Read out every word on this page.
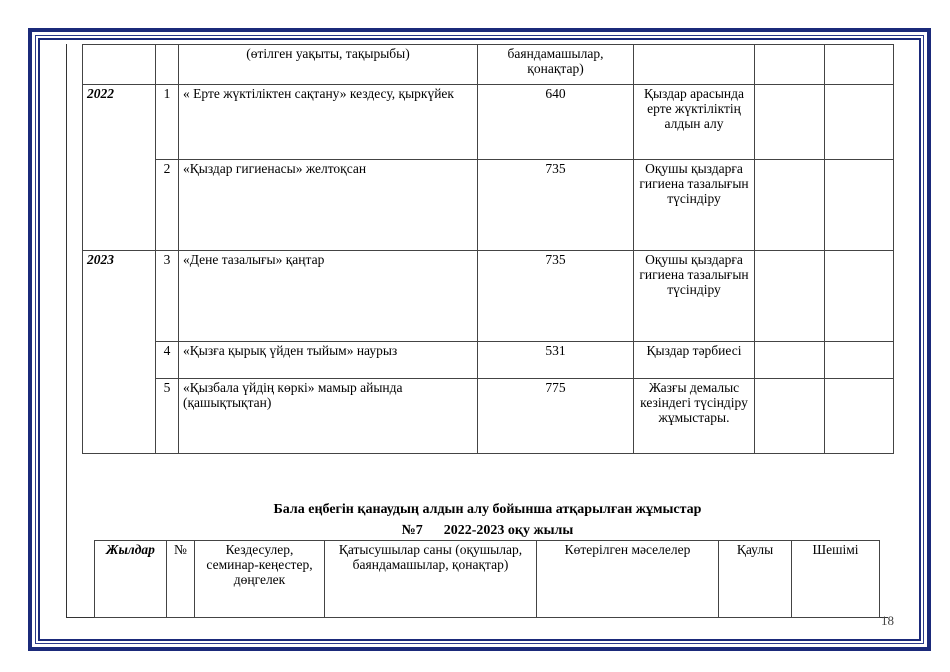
18
		(өтілген уақыты, тақырыбы)	баяндамашылар, қонақтар)			
2022	1	« Ерте жүктіліктен сақтану» кездесу, қыркүйек	640	Қыздар арасында ерте жүктіліктің алдын алу		
	2	«Қыздар гигиенасы» желтоқсан	735	Оқушы қыздарға гигиена тазалығын түсіндіру		
2023	3	«Дене тазалығы» қаңтар	735	Оқушы қыздарға гигиена тазалығын түсіндіру		
	4	«Қызға қырық үйден тыйым» наурыз	531	Қыздар тәрбиесі		
	5	«Қызбала үйдің көркі» мамыр айында (қашықтықтан)	775	Жазғы демалыс кезіндегі түсіндіру жұмыстары.		
Бала еңбегін қанаудың алдын алу бойынша атқарылған жұмыстар
№7 2022-2023 оқу жылы
Жылдар	№	Кездесулер, семинар-кеңестер, дөңгелек	Қатысушылар саны (оқушылар, баяндамашылар, қонақтар)	Көтерілген мәселелер	Қаулы	Шешімі
